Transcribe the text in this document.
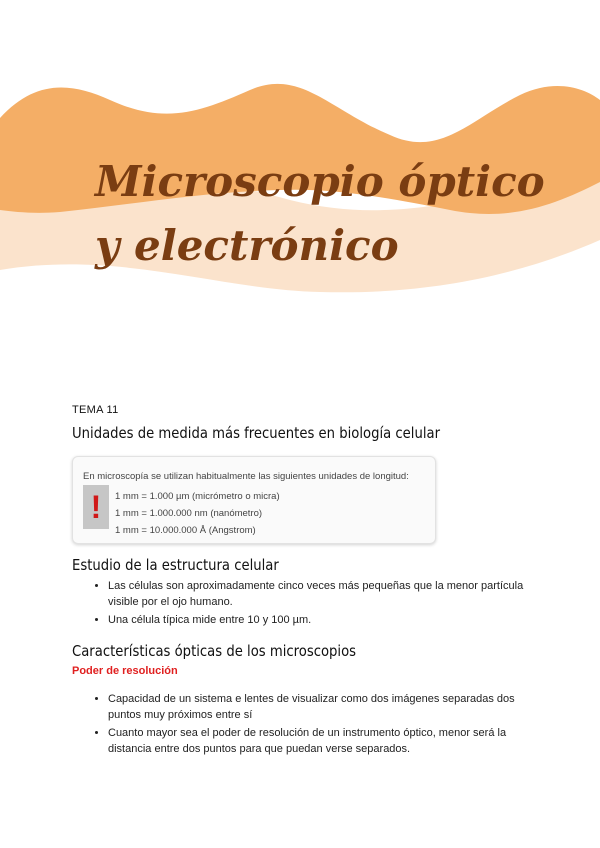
Microscopio óptico y electrónico

TEMA 11

Unidades de medida más frecuentes en biología celular
En microscopía se utilizan habitualmente las siguientes unidades de longitud:
!	1 mm = 1.000 µm (micrómetro o micra)
1 mm = 1.000.000 nm (nanómetro)
1 mm = 10.000.000 Å (Angstrom)
Estudio de la estructura celular
• Las células son aproximadamente cinco veces más pequeñas que la menor partícula visible por el ojo humano.
• Una célula típica mide entre 10 y 100 µm.
Características ópticas de los microscopios

Poder de resolución

• Capacidad de un sistema e lentes de visualizar como dos imágenes separadas dos puntos muy próximos entre sí
• Cuanto mayor sea el poder de resolución de un instrumento óptico, menor será la distancia entre dos puntos para que puedan verse separados.
